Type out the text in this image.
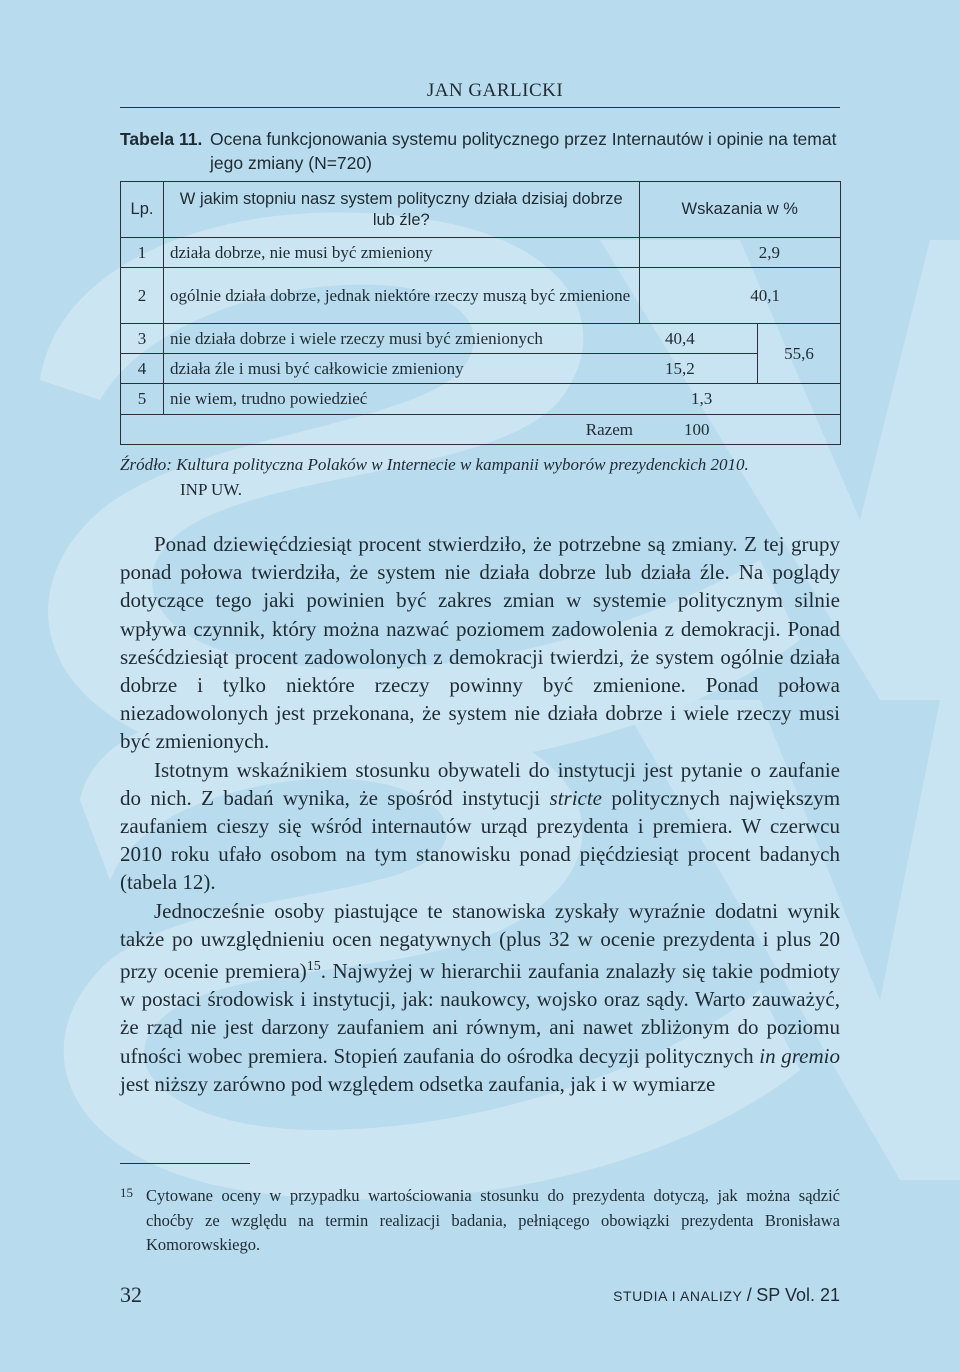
JAN GARLICKI
Tabela 11. Ocena funkcjonowania systemu politycznego przez Internautów i opinie na temat jego zmiany (N=720)
Lp.	W jakim stopniu nasz system polityczny działa dzisiaj dobrze lub źle?	Wskazania w %	
1	działa dobrze, nie musi być zmieniony	2,9	
2	ogólnie działa dobrze, jednak niektóre rzeczy muszą być zmienione	40,1	
3	nie działa dobrze i wiele rzeczy musi być zmienionych	40,4	55,6
4	działa źle i musi być całkowicie zmieniony	15,2	
5	nie wiem, trudno powiedzieć	1,3	
Razem		100	
Źródło: Kultura polityczna Polaków w Internecie w kampanii wyborów prezydenckich 2010.
INP UW.

Ponad dziewięćdziesiąt procent stwierdziło, że potrzebne są zmiany. Z tej grupy ponad połowa twierdziła, że system nie działa dobrze lub działa źle. Na poglądy dotyczące tego jaki powinien być zakres zmian w systemie politycznym silnie wpływa czynnik, który można nazwać poziomem zadowolenia z demokracji. Ponad sześćdziesiąt procent zadowolonych z demokracji twierdzi, że system ogólnie działa dobrze i tylko niektóre rzeczy powinny być zmienione. Ponad połowa niezadowolonych jest przekonana, że system nie działa dobrze i wiele rzeczy musi być zmienionych.

Istotnym wskaźnikiem stosunku obywateli do instytucji jest pytanie o zaufanie do nich. Z badań wynika, że spośród instytucji stricte politycznych największym zaufaniem cieszy się wśród internautów urząd prezydenta i premiera. W czerwcu 2010 roku ufało osobom na tym stanowisku ponad pięćdziesiąt procent badanych (tabela 12).

Jednocześnie osoby piastujące te stanowiska zyskały wyraźnie dodatni wynik także po uwzględnieniu ocen negatywnych (plus 32 w ocenie prezydenta i plus 20 przy ocenie premiera)$^{15}$. Najwyżej w hierarchii zaufania znalazły się takie podmioty w postaci środowisk i instytucji, jak: naukowcy, wojsko oraz sądy. Warto zauważyć, że rząd nie jest darzony zaufaniem ani równym, ani nawet zbliżonym do poziomu ufności wobec premiera. Stopień zaufania do ośrodka decyzji politycznych in gremio jest niższy zarówno pod względem odsetka zaufania, jak i w wymiarze

15 Cytowane oceny w przypadku wartościowania stosunku do prezydenta dotyczą, jak można sądzić choćby ze względu na termin realizacji badania, pełniącego obowiązki prezydenta Bronisława Komorowskiego.
32	STUDIA I ANALIZY / SP Vol. 21
